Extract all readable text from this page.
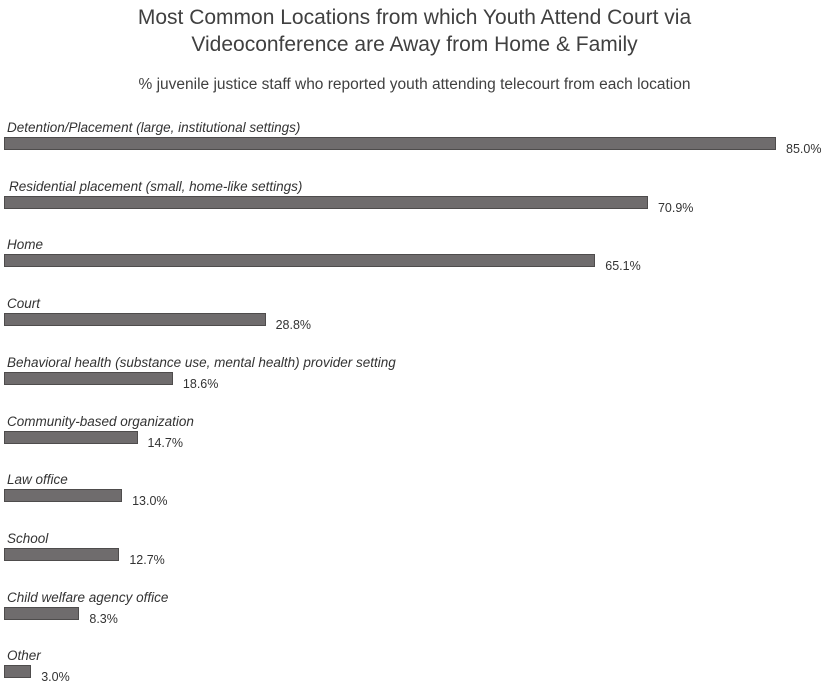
Most Common Locations from which Youth Attend Court via
Videoconference are Away from Home & Family
% juvenile justice staff who reported youth attending telecourt from each location
Detention/Placement (large, institutional settings)
85.0%
Residential placement (small, home-like settings)
70.9%
Home
65.1%
Court
28.8%
Behavioral health (substance use, mental health) provider setting
18.6%
Community-based organization
14.7%
Law office
13.0%
School
12.7%
Child welfare agency office
8.3%
Other
3.0%
